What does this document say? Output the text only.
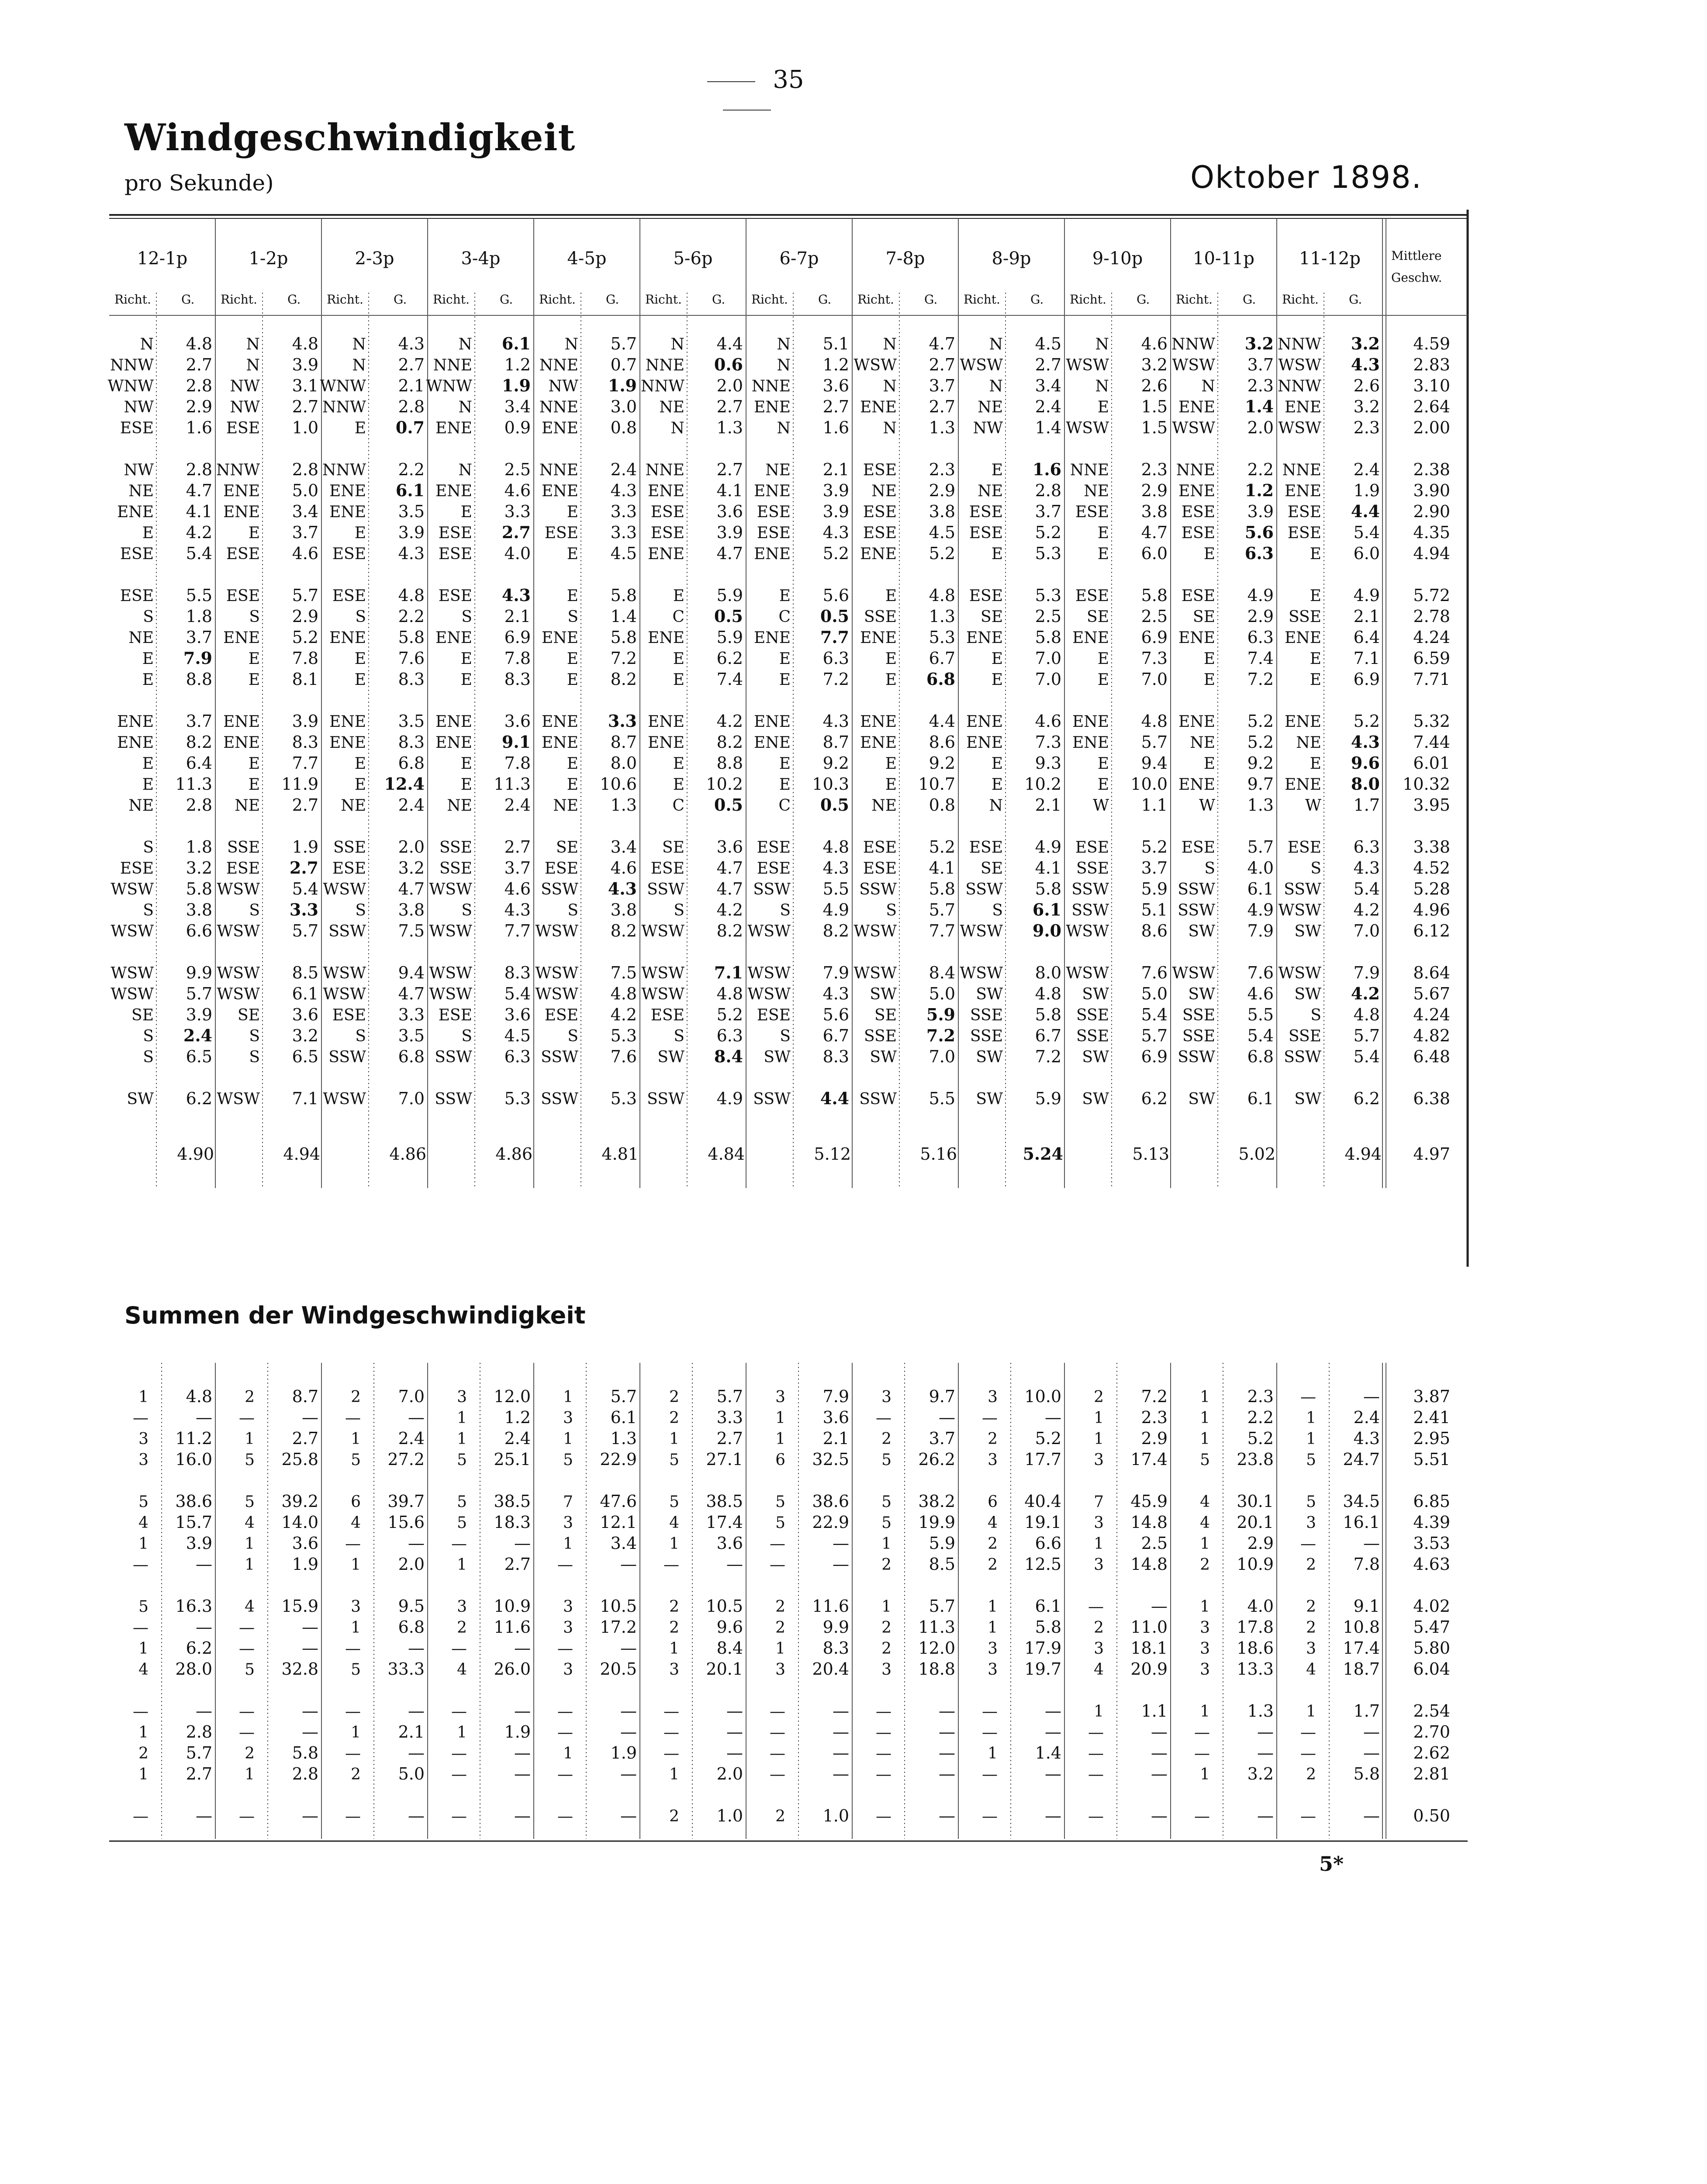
35
Windgeschwindigkeit
pro Sekunde)	Oktober 1898.
12-1p
Richt. G.
1-2p
Richt. G.
2-3p
Richt. G.
3-4p
Richt. G.
4-5p
Richt. G.
5-6p
Richt. G.
6-7p
Richt. G.
7-8p
Richt. G.
8-9p
Richt. G.
9-10p
Richt. G.
10-11p
Richt. G.
11-12p
Richt. G.
Mittlere
Geschw.
N 4.8 N 4.8 N 4.3 N 6.1 N 5.7 N 4.4 N 5.1 N 4.7 N 4.5 N 4.6 NNW 3.2 NNW 3.2 4.59
NNW 2.7 N 3.9 N 2.7 NNE 1.2 NNE 0.7 NNE 0.6 N 1.2 WSW 2.7 WSW 2.7 WSW 3.2 WSW 3.7 WSW 4.3 2.83
WNW 2.8 NW 3.1 WNW 2.1 WNW 1.9 NW 1.9 NNW 2.0 NNE 3.6 N 3.7 N 3.4 N 2.6 N 2.3 NNW 2.6 3.10
NW 2.9 NW 2.7 NNW 2.8 N 3.4 NNE 3.0 NE 2.7 ENE 2.7 ENE 2.7 NE 2.4 E 1.5 ENE 1.4 ENE 3.2 2.64
ESE 1.6 ESE 1.0 E 0.7 ENE 0.9 ENE 0.8 N 1.3 N 1.6 N 1.3 NW 1.4 WSW 1.5 WSW 2.0 WSW 2.3 2.00
NW 2.8 NNW 2.8 NNW 2.2 N 2.5 NNE 2.4 NNE 2.7 NE 2.1 ESE 2.3 E 1.6 NNE 2.3 NNE 2.2 NNE 2.4 2.38
NE 4.7 ENE 5.0 ENE 6.1 ENE 4.6 ENE 4.3 ENE 4.1 ENE 3.9 NE 2.9 NE 2.8 NE 2.9 ENE 1.2 ENE 1.9 3.90
ENE 4.1 ENE 3.4 ENE 3.5 E 3.3 E 3.3 ESE 3.6 ESE 3.9 ESE 3.8 ESE 3.7 ESE 3.8 ESE 3.9 ESE 4.4 2.90
E 4.2 E 3.7 E 3.9 ESE 2.7 ESE 3.3 ESE 3.9 ESE 4.3 ESE 4.5 ESE 5.2 E 4.7 ESE 5.6 ESE 5.4 4.35
ESE 5.4 ESE 4.6 ESE 4.3 ESE 4.0 E 4.5 ENE 4.7 ENE 5.2 ENE 5.2 E 5.3 E 6.0 E 6.3 E 6.0 4.94
ESE 5.5 ESE 5.7 ESE 4.8 ESE 4.3 E 5.8 E 5.9 E 5.6 E 4.8 ESE 5.3 ESE 5.8 ESE 4.9 E 4.9 5.72
S 1.8 S 2.9 S 2.2 S 2.1 S 1.4 C 0.5 C 0.5 SSE 1.3 SE 2.5 SE 2.5 SE 2.9 SSE 2.1 2.78
NE 3.7 ENE 5.2 ENE 5.8 ENE 6.9 ENE 5.8 ENE 5.9 ENE 7.7 ENE 5.3 ENE 5.8 ENE 6.9 ENE 6.3 ENE 6.4 4.24
E 7.9 E 7.8 E 7.6 E 7.8 E 7.2 E 6.2 E 6.3 E 6.7 E 7.0 E 7.3 E 7.4 E 7.1 6.59
E 8.8 E 8.1 E 8.3 E 8.3 E 8.2 E 7.4 E 7.2 E 6.8 E 7.0 E 7.0 E 7.2 E 6.9 7.71
ENE 3.7 ENE 3.9 ENE 3.5 ENE 3.6 ENE 3.3 ENE 4.2 ENE 4.3 ENE 4.4 ENE 4.6 ENE 4.8 ENE 5.2 ENE 5.2 5.32
ENE 8.2 ENE 8.3 ENE 8.3 ENE 9.1 ENE 8.7 ENE 8.2 ENE 8.7 ENE 8.6 ENE 7.3 ENE 5.7 NE 5.2 NE 4.3 7.44
E 6.4 E 7.7 E 6.8 E 7.8 E 8.0 E 8.8 E 9.2 E 9.2 E 9.3 E 9.4 E 9.2 E 9.6 6.01
E 11.3 E 11.9 E 12.4 E 11.3 E 10.6 E 10.2 E 10.3 E 10.7 E 10.2 E 10.0 ENE 9.7 ENE 8.0 10.32
NE 2.8 NE 2.7 NE 2.4 NE 2.4 NE 1.3 C 0.5 C 0.5 NE 0.8 N 2.1 W 1.1 W 1.3 W 1.7 3.95
S 1.8 SSE 1.9 SSE 2.0 SSE 2.7 SE 3.4 SE 3.6 ESE 4.8 ESE 5.2 ESE 4.9 ESE 5.2 ESE 5.7 ESE 6.3 3.38
ESE 3.2 ESE 2.7 ESE 3.2 SSE 3.7 ESE 4.6 ESE 4.7 ESE 4.3 ESE 4.1 SE 4.1 SSE 3.7 S 4.0 S 4.3 4.52
WSW 5.8 WSW 5.4 WSW 4.7 WSW 4.6 SSW 4.3 SSW 4.7 SSW 5.5 SSW 5.8 SSW 5.8 SSW 5.9 SSW 6.1 SSW 5.4 5.28
S 3.8 S 3.3 S 3.8 S 4.3 S 3.8 S 4.2 S 4.9 S 5.7 S 6.1 SSW 5.1 SSW 4.9 WSW 4.2 4.96
WSW 6.6 WSW 5.7 SSW 7.5 WSW 7.7 WSW 8.2 WSW 8.2 WSW 8.2 WSW 7.7 WSW 9.0 WSW 8.6 SW 7.9 SW 7.0 6.12
WSW 9.9 WSW 8.5 WSW 9.4 WSW 8.3 WSW 7.5 WSW 7.1 WSW 7.9 WSW 8.4 WSW 8.0 WSW 7.6 WSW 7.6 WSW 7.9 8.64
WSW 5.7 WSW 6.1 WSW 4.7 WSW 5.4 WSW 4.8 WSW 4.8 WSW 4.3 SW 5.0 SW 4.8 SW 5.0 SW 4.6 SW 4.2 5.67
SE 3.9 SE 3.6 ESE 3.3 ESE 3.6 ESE 4.2 ESE 5.2 ESE 5.6 SE 5.9 SSE 5.8 SSE 5.4 SSE 5.5 S 4.8 4.24
S 2.4 S 3.2 S 3.5 S 4.5 S 5.3 S 6.3 S 6.7 SSE 7.2 SSE 6.7 SSE 5.7 SSE 5.4 SSE 5.7 4.82
S 6.5 S 6.5 SSW 6.8 SSW 6.3 SSW 7.6 SW 8.4 SW 8.3 SW 7.0 SW 7.2 SW 6.9 SSW 6.8 SSW 5.4 6.48
SW 6.2 WSW 7.1 WSW 7.0 SSW 5.3 SSW 5.3 SSW 4.9 SSW 4.4 SSW 5.5 SW 5.9 SW 6.2 SW 6.1 SW 6.2 6.38
4.90	4.94	4.86	4.86	4.81	4.84	5.12	5.16	5.24	5.13	5.02	4.94 4.97
Summen der Windgeschwindigkeit
1 4.8 2 8.7 2 7.0 3 12.0 1 5.7 2 5.7 3 7.9 3 9.7 3 10.0 2 7.2 1 2.3 —	— 3.87
—	— —	— —	— 1 1.2 3 6.1 2 3.3 1 3.6 —	— —	— 1 2.3 1 2.2 1 2.4 2.41
3 11.2 1 2.7 1 2.4 1 2.4 1 1.3 1 2.7 1 2.1 2 3.7 2 5.2 1 2.9 1 5.2 1 4.3 2.95
3 16.0 5 25.8 5 27.2 5 25.1 5 22.9 5 27.1 6 32.5 5 26.2 3 17.7 3 17.4 5 23.8 5 24.7 5.51
5 38.6 5 39.2 6 39.7 5 38.5 7 47.6 5 38.5 5 38.6 5 38.2 6 40.4 7 45.9 4 30.1 5 34.5 6.85
4 15.7 4 14.0 4 15.6 5 18.3 3 12.1 4 17.4 5 22.9 5 19.9 4 19.1 3 14.8 4 20.1 3 16.1 4.39
1 3.9 1 3.6 —	— —	— 1 3.4 1 3.6 —	— 1 5.9 2 6.6 1 2.5 1 2.9 —	— 3.53
—	— 1 1.9 1 2.0 1 2.7 —	— —	— —	— 2 8.5 2 12.5 3 14.8 2 10.9 2 7.8 4.63
5 16.3 4 15.9 3 9.5 3 10.9 3 10.5 2 10.5 2 11.6 1 5.7 1 6.1 —	— 1 4.0 2 9.1 4.02
—	— —	— 1 6.8 2 11.6 3 17.2 2 9.6 2 9.9 2 11.3 1 5.8 2 11.0 3 17.8 2 10.8 5.47
1 6.2 —	— —	— —	— —	— 1 8.4 1 8.3 2 12.0 3 17.9 3 18.1 3 18.6 3 17.4 5.80
4 28.0 5 32.8 5 33.3 4 26.0 3 20.5 3 20.1 3 20.4 3 18.8 3 19.7 4 20.9 3 13.3 4 18.7 6.04
—	— —	— —	— —	— —	— —	— —	— —	— —	— 1 1.1 1 1.3 1 1.7 2.54
1 2.8 —	— 1 2.1 1 1.9 —	— —	— —	— —	— —	— —	— —	— —	— 2.70
2 5.7 2 5.8 —	— —	— 1 1.9 —	— —	— —	— 1 1.4 —	— —	— —	— 2.62
1 2.7 1 2.8 2 5.0 —	— —	— 1 2.0 —	— —	— —	— —	— 1 3.2 2 5.8 2.81
—	— —	— —	— —	— —	— 2 1.0 2 1.0 —	— —	— —	— —	— —	— 0.50
5*
